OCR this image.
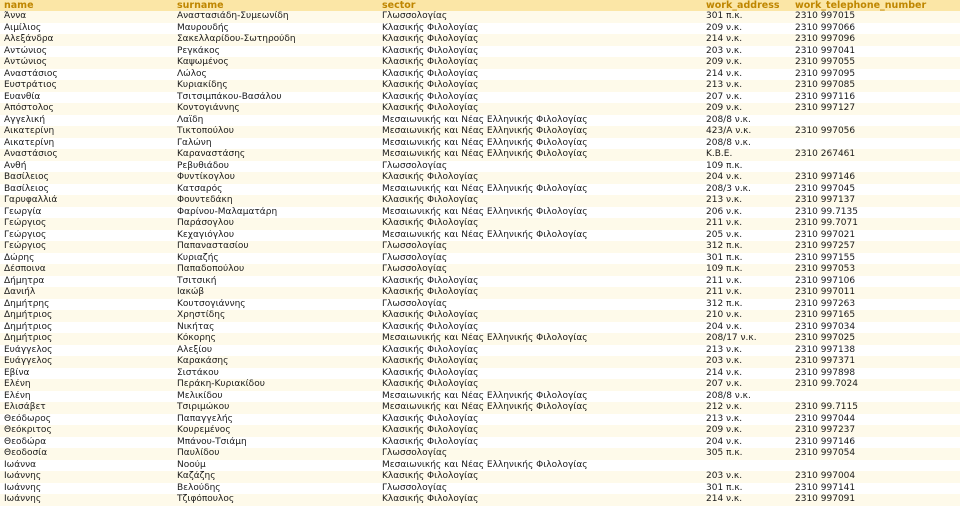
name	surname	sector	work_address	work_telephone_number
Άννα	Αναστασιάδη-Συμεωνίδη	Γλωσσολογίας	301 π.κ.	2310 997015
Αιμίλιος	Μαυρουδής	Κλασικής Φιλολογίας	209 ν.κ.	2310 997066
Αλεξάνδρα	Σακελλαρίδου-Σωτηρούδη	Κλασικής Φιλολογίας	214 ν.κ.	2310 997096
Αντώνιος	Ρεγκάκος	Κλασικής Φιλολογίας	203 ν.κ.	2310 997041
Αντώνιος	Καψωμένος	Κλασικής Φιλολογίας	209 ν.κ.	2310 997055
Αναστάσιος	Λώλος	Κλασικής Φιλολογίας	214 ν.κ.	2310 997095
Ευστράτιος	Κυριακίδης	Κλασικής Φιλολογίας	213 ν.κ.	2310 997085
Ευανθία	Τσιτσιμπάκου-Βασάλου	Κλασικής Φιλολογίας	207 ν.κ.	2310 997116
Απόστολος	Κοντογιάννης	Κλασικής Φιλολογίας	209 ν.κ.	2310 997127
Αγγελική	Λαϊδη	Μεσαιωνικής και Νέας Ελληνικής Φιλολογίας	208/8 ν.κ.	
Αικατερίνη	Τικτοπούλου	Μεσαιωνικής και Νέας Ελληνικής Φιλολογίας	423/Α ν.κ.	2310 997056
Αικατερίνη	Γαλώνη	Μεσαιωνικής και Νέας Ελληνικής Φιλολογίας	208/8 ν.κ.	
Αναστάσιος	Καραναστάσης	Μεσαιωνικής και Νέας Ελληνικής Φιλολογίας	Κ.Β.Ε.	2310 267461
Ανθή	Ρεβυθιάδου	Γλωσσολογίας	109 π.κ.	
Βασίλειος	Φυντίκογλου	Κλασικής Φιλολογίας	204 ν.κ.	2310 997146
Βασίλειος	Κατσαρός	Μεσαιωνικής και Νέας Ελληνικής Φιλολογίας	208/3 ν.κ.	2310 997045
Γαρυφαλλιά	Φουντεδάκη	Κλασικής Φιλολογίας	213 ν.κ.	2310 997137
Γεωργία	Φαρίνου-Μαλαματάρη	Μεσαιωνικής και Νέας Ελληνικής Φιλολογίας	206 ν.κ.	2310 99.7135
Γεώργιος	Παράσογλου	Κλασικής Φιλολογίας	211 ν.κ.	2310 99.7071
Γεώργιος	Κεχαγιόγλου	Μεσαιωνικής και Νέας Ελληνικής Φιλολογίας	205 ν.κ.	2310 997021
Γεώργιος	Παπαναστασίου	Γλωσσολογίας	312 π.κ.	2310 997257
Δώρης	Κυριαζής	Γλωσσολογίας	301 π.κ.	2310 997155
Δέσποινα	Παπαδοπούλου	Γλωσσολογίας	109 π.κ.	2310 997053
Δήμητρα	Τσιτσική	Κλασικής Φιλολογίας	211 ν.κ.	2310 997106
Δανιήλ	Ιακώβ	Κλασικής Φιλολογίας	211 ν.κ.	2310 997011
Δημήτρης	Κουτσογιάννης	Γλωσσολογίας	312 π.κ.	2310 997263
Δημήτριος	Χρηστίδης	Κλασικής Φιλολογίας	210 ν.κ.	2310 997165
Δημήτριος	Νικήτας	Κλασικής Φιλολογίας	204 ν.κ.	2310 997034
Δημήτριος	Κόκορης	Μεσαιωνικής και Νέας Ελληνικής Φιλολογίας	208/17 ν.κ.	2310 997025
Ευάγγελος	Αλεξίου	Κλασικής Φιλολογίας	213 ν.κ.	2310 997138
Ευάγγελος	Καρακάσης	Κλασικής Φιλολογίας	203 ν.κ.	2310 997371
Εβίνα	Σιστάκου	Κλασικής Φιλολογίας	214 ν.κ.	2310 997898
Ελένη	Περάκη-Κυριακίδου	Κλασικής Φιλολογίας	207 ν.κ.	2310 99.7024
Ελένη	Μελικίδου	Μεσαιωνικής και Νέας Ελληνικής Φιλολογίας	208/8 ν.κ.	
Ελισάβετ	Τσιριμώκου	Μεσαιωνικής και Νέας Ελληνικής Φιλολογίας	212 ν.κ.	2310 99.7115
Θεόδωρος	Παπαγγελής	Κλασικής Φιλολογίας	213 ν.κ.	2310 997044
Θεόκριτος	Κουρεμένος	Κλασικής Φιλολογίας	209 ν.κ.	2310 997237
Θεοδώρα	Μπάνου-Τσιάμη	Κλασικής Φιλολογίας	204 ν.κ.	2310 997146
Θεοδοσία	Παυλίδου	Γλωσσολογίας	305 π.κ.	2310 997054
Ιωάννα	Νοούμ	Μεσαιωνικής και Νέας Ελληνικής Φιλολογίας		
Ιωάννης	Καζάζης	Κλασικής Φιλολογίας	203 ν.κ.	2310 997004
Ιωάννης	Βελούδης	Γλωσσολογίας	301 π.κ.	2310 997141
Ιωάννης	Τζιφόπουλος	Κλασικής Φιλολογίας	214 ν.κ.	2310 997091
